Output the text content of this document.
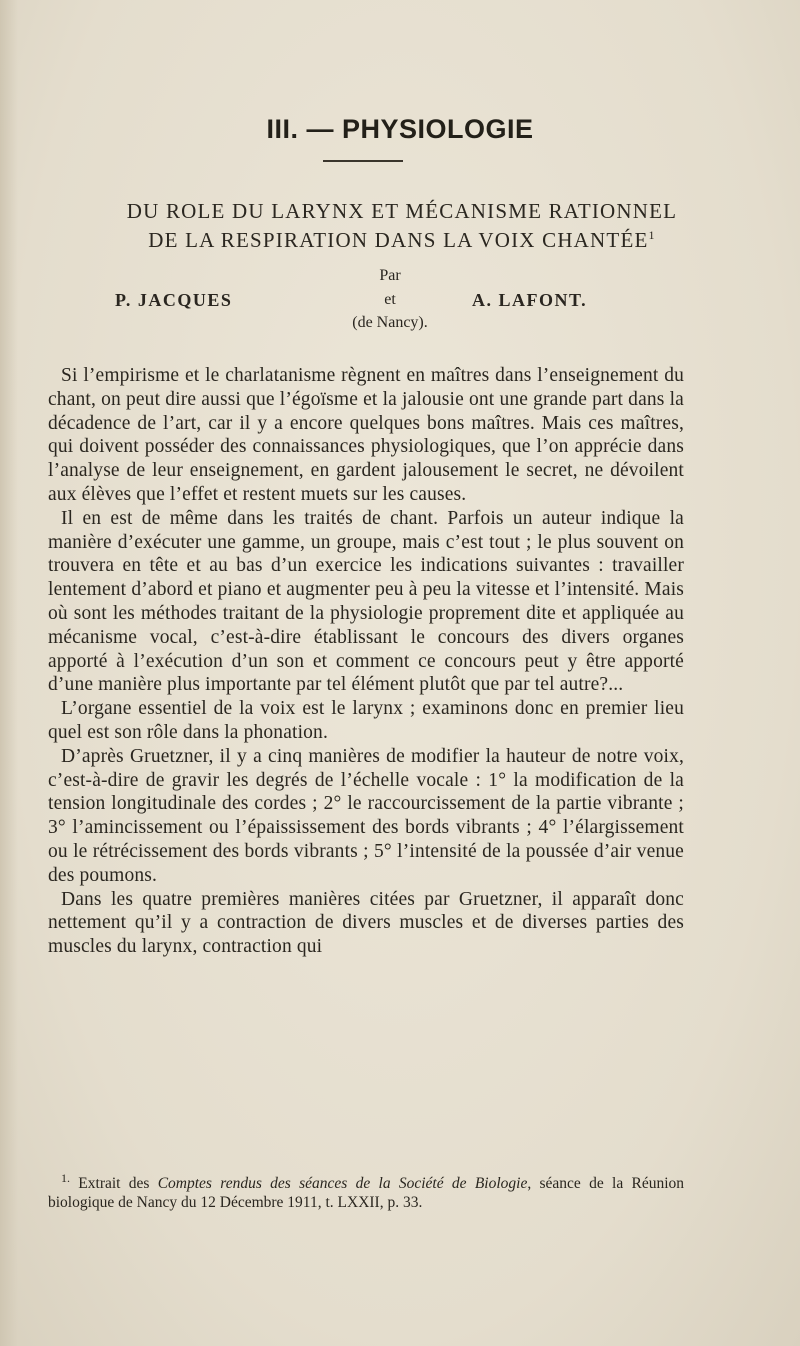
III. — PHYSIOLOGIE
DU ROLE DU LARYNX ET MÉCANISME RATIONNEL
DE LA RESPIRATION DANS LA VOIX CHANTÉE$^1$
Par
P. JACQUES	et	A. LAFONT.
(de Nancy).

Si l’empirisme et le charlatanisme règnent en maîtres dans l’enseignement du chant, on peut dire aussi que l’égoïsme et la jalousie ont une grande part dans la décadence de l’art, car il y a encore quelques bons maîtres. Mais ces maîtres, qui doivent posséder des connaissances physiologiques, que l’on apprécie dans l’analyse de leur enseignement, en gardent jalousement le secret, ne dévoilent aux élèves que l’effet et restent muets sur les causes.

Il en est de même dans les traités de chant. Parfois un auteur indique la manière d’exécuter une gamme, un groupe, mais c’est tout ; le plus souvent on trouvera en tête et au bas d’un exercice les indications suivantes : travailler lentement d’abord et piano et augmenter peu à peu la vitesse et l’intensité. Mais où sont les méthodes traitant de la physiologie proprement dite et appliquée au mécanisme vocal, c’est-à-dire établissant le concours des divers organes apporté à l’exécution d’un son et comment ce concours peut y être apporté d’une manière plus importante par tel élément plutôt que par tel autre?...

L’organe essentiel de la voix est le larynx ; examinons donc en premier lieu quel est son rôle dans la phonation.

D’après Gruetzner, il y a cinq manières de modifier la hauteur de notre voix, c’est-à-dire de gravir les degrés de l’échelle vocale : 1° la modification de la tension longitudinale des cordes ; 2° le raccourcissement de la partie vibrante ; 3° l’amincissement ou l’épaississement des bords vibrants ; 4° l’élargissement ou le rétrécissement des bords vibrants ; 5° l’intensité de la poussée d’air venue des poumons.

Dans les quatre premières manières citées par Gruetzner, il apparaît donc nettement qu’il y a contraction de divers muscles et de diverses parties des muscles du larynx, contraction qui

$^{1.}$ Extrait des Comptes rendus des séances de la Société de Biologie, séance de la Réunion biologique de Nancy du 12 Décembre 1911, t. LXXII, p. 33.
